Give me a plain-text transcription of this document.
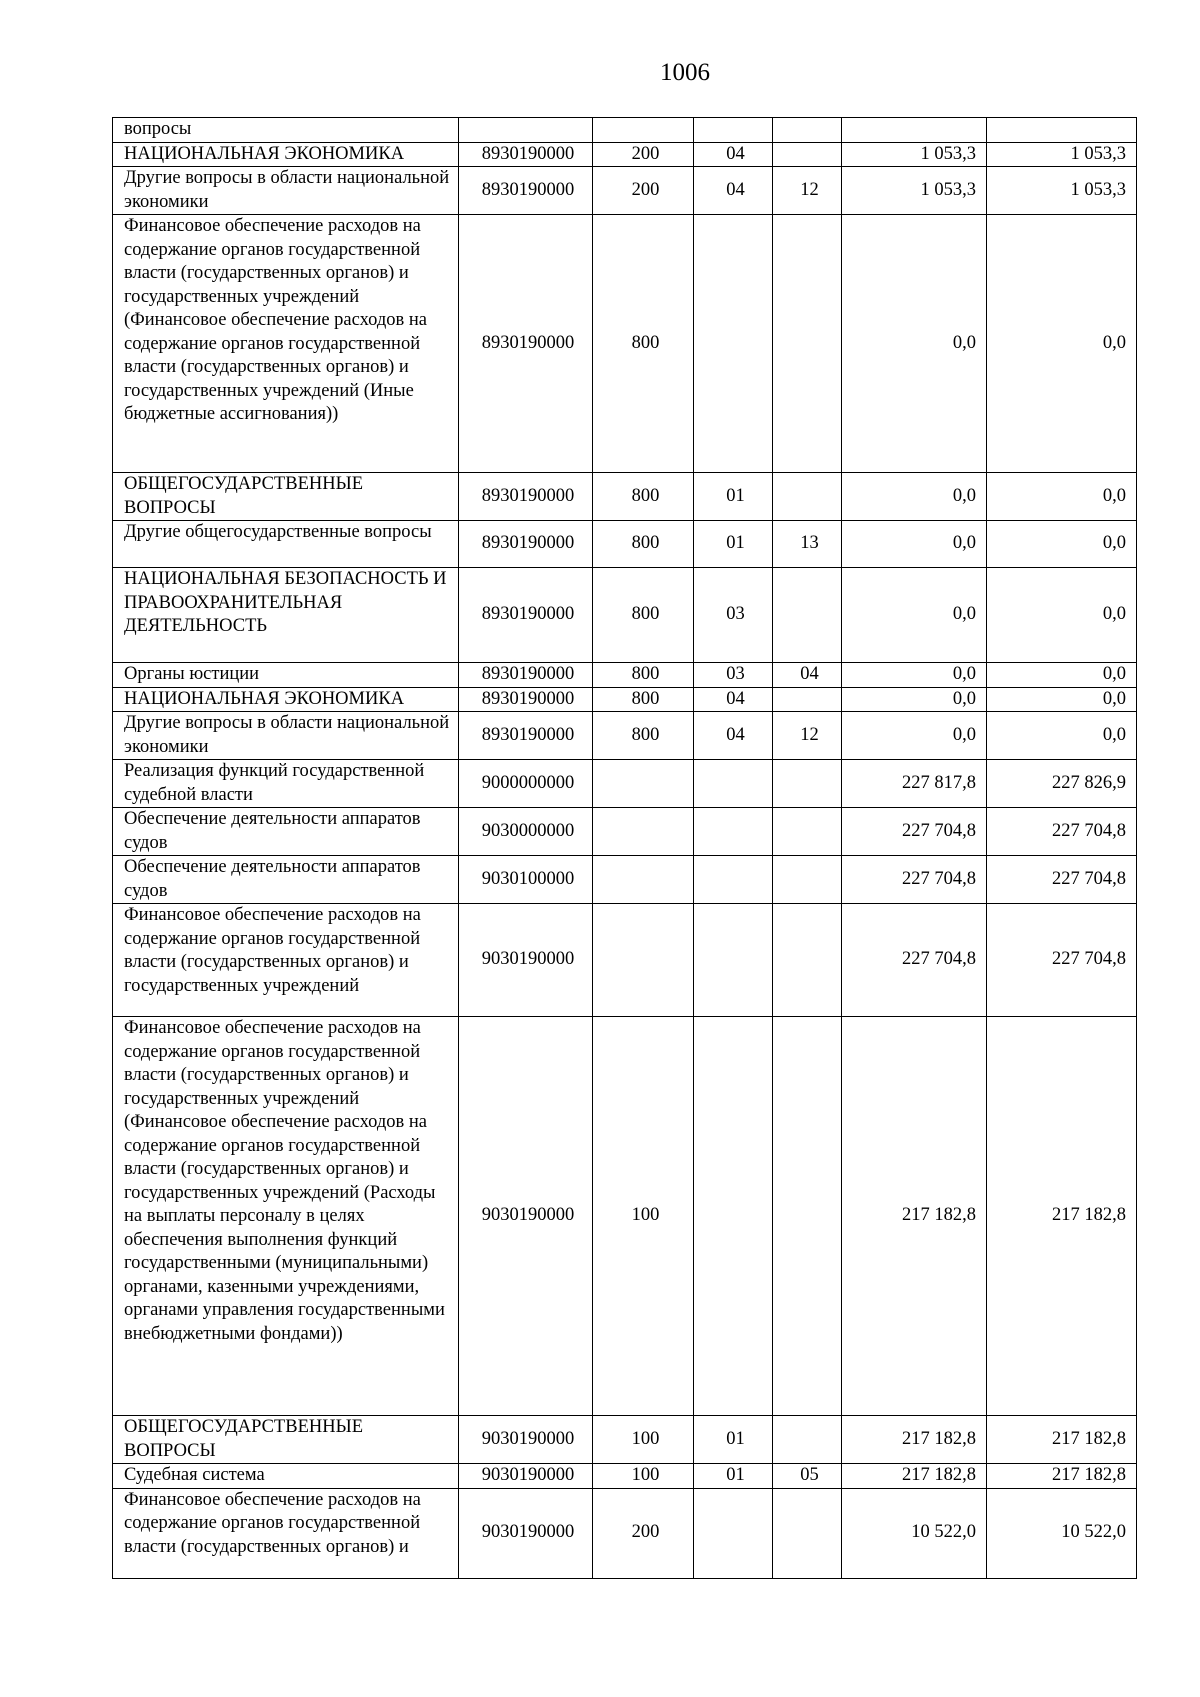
1006
вопросы						
НАЦИОНАЛЬНАЯ ЭКОНОМИКА	8930190000	200	04		1 053,3	1 053,3
Другие вопросы в области национальной экономики	8930190000	200	04	12	1 053,3	1 053,3
Финансовое обеспечение расходов на содержание органов государственной власти (государственных органов) и государственных учреждений (Финансовое обеспечение расходов на содержание органов государственной власти (государственных органов) и государственных учреждений (Иные бюджетные ассигнования))	8930190000	800			0,0	0,0
ОБЩЕГОСУДАРСТВЕННЫЕ ВОПРОСЫ	8930190000	800	01		0,0	0,0
Другие общегосударственные вопросы	8930190000	800	01	13	0,0	0,0
НАЦИОНАЛЬНАЯ БЕЗОПАСНОСТЬ И ПРАВООХРАНИТЕЛЬНАЯ ДЕЯТЕЛЬНОСТЬ	8930190000	800	03		0,0	0,0
Органы юстиции	8930190000	800	03	04	0,0	0,0
НАЦИОНАЛЬНАЯ ЭКОНОМИКА	8930190000	800	04		0,0	0,0
Другие вопросы в области национальной экономики	8930190000	800	04	12	0,0	0,0
Реализация функций государственной судебной власти	9000000000				227 817,8	227 826,9
Обеспечение деятельности аппаратов судов	9030000000				227 704,8	227 704,8
Обеспечение деятельности аппаратов судов	9030100000				227 704,8	227 704,8
Финансовое обеспечение расходов на содержание органов государственной власти (государственных органов) и государственных учреждений	9030190000				227 704,8	227 704,8
Финансовое обеспечение расходов на содержание органов государственной власти (государственных органов) и государственных учреждений (Финансовое обеспечение расходов на содержание органов государственной власти (государственных органов) и государственных учреждений (Расходы на выплаты персоналу в целях обеспечения выполнения функций государственными (муниципальными) органами, казенными учреждениями, органами управления государственными внебюджетными фондами))	9030190000	100			217 182,8	217 182,8
ОБЩЕГОСУДАРСТВЕННЫЕ ВОПРОСЫ	9030190000	100	01		217 182,8	217 182,8
Судебная система	9030190000	100	01	05	217 182,8	217 182,8
Финансовое обеспечение расходов на содержание органов государственной власти (государственных органов) и	9030190000	200			10 522,0	10 522,0
